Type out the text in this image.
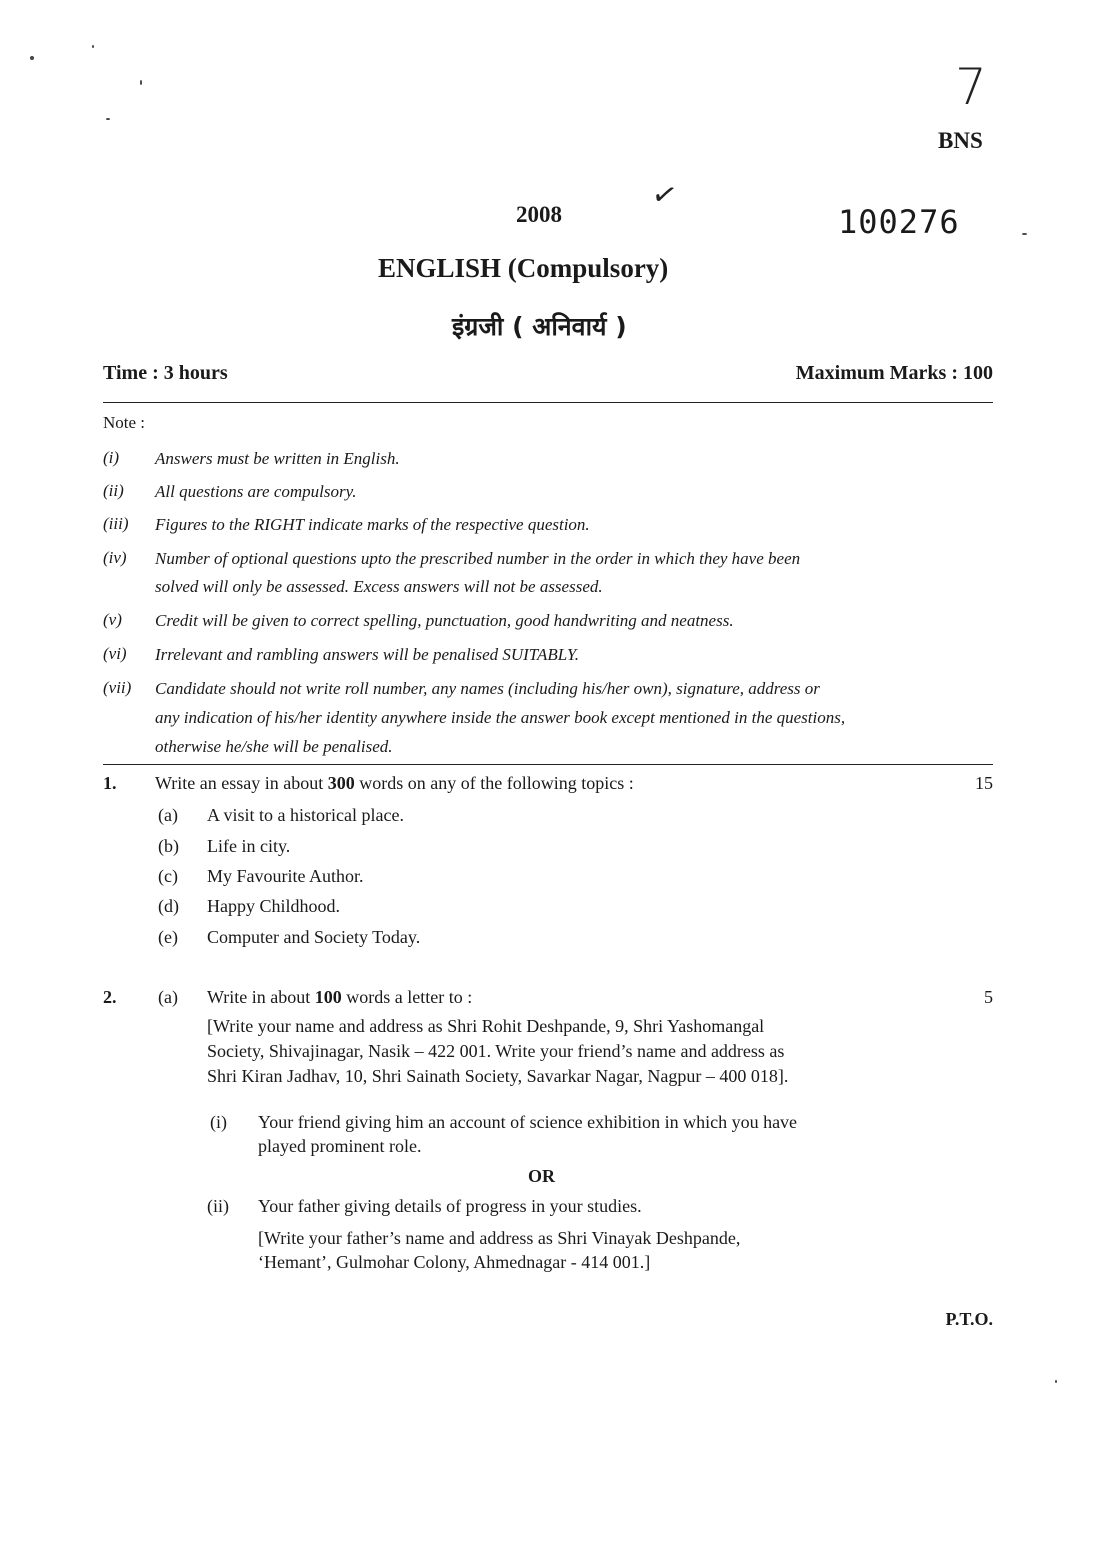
7
BNS
2008	✓
100276
ENGLISH (Compulsory)
इंग्रजी ( अनिवार्य )
Time : 3 hours	Maximum Marks : 100
Note :
(i) Answers must be written in English.
(ii) All questions are compulsory.
(iii) Figures to the RIGHT indicate marks of the respective question.
(iv) Number of optional questions upto the prescribed number in the order in which they have been
solved will only be assessed. Excess answers will not be assessed.
(v) Credit will be given to correct spelling, punctuation, good handwriting and neatness.
(vi) Irrelevant and rambling answers will be penalised SUITABLY.
(vii) Candidate should not write roll number, any names (including his/her own), signature, address or
any indication of his/her identity anywhere inside the answer book except mentioned in the questions,
otherwise he/she will be penalised.
1. Write an essay in about 300 words on any of the following topics :	15
(a) A visit to a historical place.
(b) Life in city.
(c) My Favourite Author.
(d) Happy Childhood.
(e) Computer and Society Today.
2. (a) Write in about 100 words a letter to :	5
[Write your name and address as Shri Rohit Deshpande, 9, Shri Yashomangal
Society, Shivajinagar, Nasik – 422 001. Write your friend’s name and address as
Shri Kiran Jadhav, 10, Shri Sainath Society, Savarkar Nagar, Nagpur – 400 018].
(i) Your friend giving him an account of science exhibition in which you have
played prominent role.
OR
(ii) Your father giving details of progress in your studies.
[Write your father’s name and address as Shri Vinayak Deshpande,
‘Hemant’, Gulmohar Colony, Ahmednagar - 414 001.]
P.T.O.
